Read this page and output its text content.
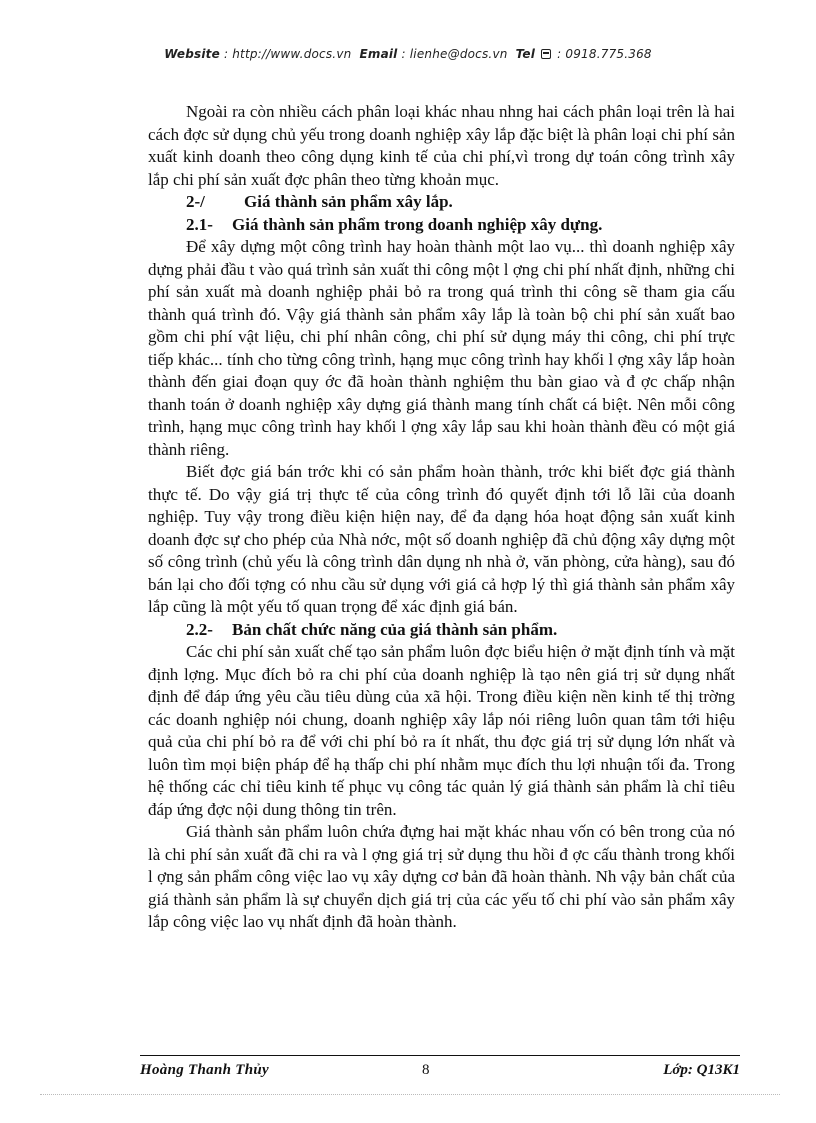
Website : http://www.docs.vn Email : lienhe@docs.vn Tel : 0918.775.368

Ngoài ra còn nhiều cách phân loại khác nhau nhng hai cách phân loại trên là hai cách đợc sử dụng chủ yếu trong doanh nghiệp xây lắp đặc biệt là phân loại chi phí sản xuất kinh doanh theo công dụng kinh tế của chi phí,vì trong dự toán công trình xây lắp chi phí sản xuất đợc phân theo từng khoản mục.

2-/ Giá thành sản phẩm xây lắp.
2.1- Giá thành sản phẩm trong doanh nghiệp xây dựng.

Để xây dựng một công trình hay hoàn thành một lao vụ... thì doanh nghiệp xây dựng phải đầu t vào quá trình sản xuất thi công một l ợng chi phí nhất định, những chi phí sản xuất mà doanh nghiệp phải bỏ ra trong quá trình thi công sẽ tham gia cấu thành quá trình đó. Vậy giá thành sản phẩm xây lắp là toàn bộ chi phí sản xuất bao gồm chi phí vật liệu, chi phí nhân công, chi phí sử dụng máy thi công, chi phí trực tiếp khác... tính cho từng công trình, hạng mục công trình hay khối l ợng xây lắp hoàn thành đến giai đoạn quy ớc đã hoàn thành nghiệm thu bàn giao và đ ợc chấp nhận thanh toán ở doanh nghiệp xây dựng giá thành mang tính chất cá biệt. Nên mỗi công trình, hạng mục công trình hay khối l ợng xây lắp sau khi hoàn thành đều có một giá thành riêng.

Biết đợc giá bán trớc khi có sản phẩm hoàn thành, trớc khi biết đợc giá thành thực tế. Do vậy giá trị thực tế của công trình đó quyết định tới lỗ lãi của doanh nghiệp. Tuy vậy trong điều kiện hiện nay, để đa dạng hóa hoạt động sản xuất kinh doanh đợc sự cho phép của Nhà nớc, một số doanh nghiệp đã chủ động xây dựng một số công trình (chủ yếu là công trình dân dụng nh nhà ở, văn phòng, cửa hàng), sau đó bán lại cho đối tợng có nhu cầu sử dụng với giá cả hợp lý thì giá thành sản phẩm xây lắp cũng là một yếu tố quan trọng để xác định giá bán.

2.2- Bản chất chức năng của giá thành sản phẩm.

Các chi phí sản xuất chế tạo sản phẩm luôn đợc biểu hiện ở mặt định tính và mặt định lợng. Mục đích bỏ ra chi phí của doanh nghiệp là tạo nên giá trị sử dụng nhất định để đáp ứng yêu cầu tiêu dùng của xã hội. Trong điều kiện nền kinh tế thị trờng các doanh nghiệp nói chung, doanh nghiệp xây lắp nói riêng luôn quan tâm tới hiệu quả của chi phí bỏ ra để với chi phí bỏ ra ít nhất, thu đợc giá trị sử dụng lớn nhất và luôn tìm mọi biện pháp để hạ thấp chi phí nhằm mục đích thu lợi nhuận tối đa. Trong hệ thống các chỉ tiêu kinh tế phục vụ công tác quản lý giá thành sản phẩm là chỉ tiêu đáp ứng đợc nội dung thông tin trên.

Giá thành sản phẩm luôn chứa đựng hai mặt khác nhau vốn có bên trong của nó là chi phí sản xuất đã chi ra và l ợng giá trị sử dụng thu hồi đ ợc cấu thành trong khối l ợng sản phẩm công việc lao vụ xây dựng cơ bản đã hoàn thành. Nh vậy bản chất của giá thành sản phẩm là sự chuyển dịch giá trị của các yếu tố chi phí vào sản phẩm xây lắp công việc lao vụ nhất định đã hoàn thành.

Hoàng Thanh Thủy	8	Lớp: Q13K1
